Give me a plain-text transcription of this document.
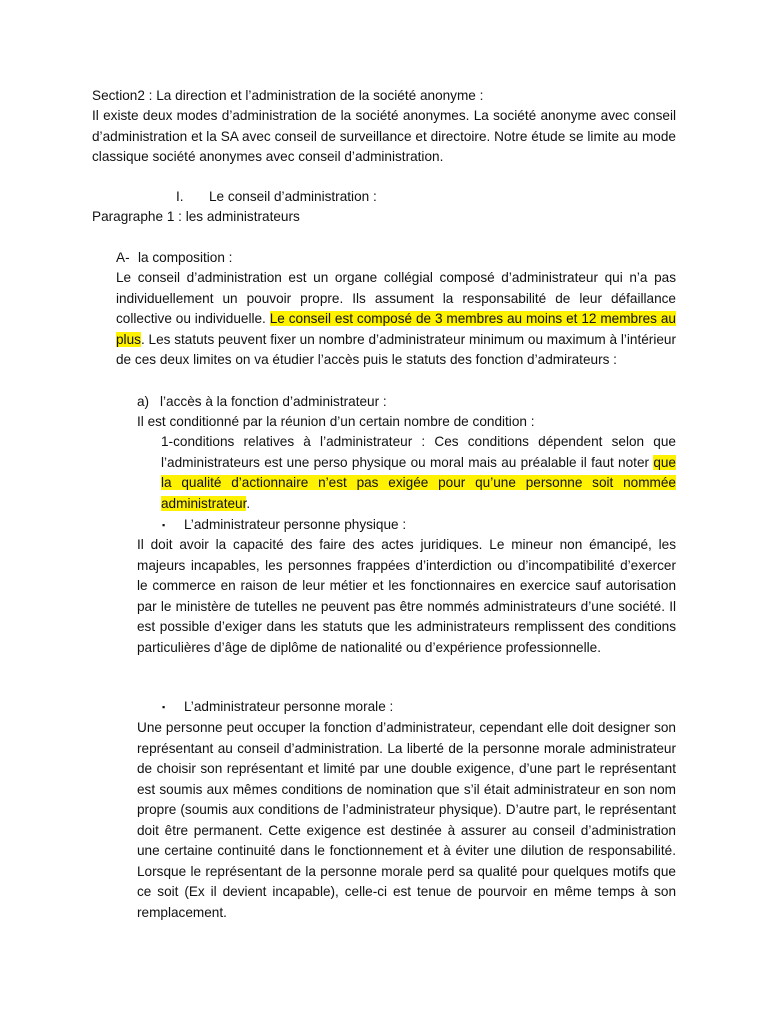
Section2 : La direction et l’administration de la société anonyme :

Il existe deux modes d’administration de la société anonymes. La société anonyme avec conseil d’administration et la SA avec conseil de surveillance et directoire. Notre étude se limite au mode classique société anonymes avec conseil d’administration.

I. Le conseil d’administration :

Paragraphe 1 : les administrateurs

A- la composition :

Le conseil d’administration est un organe collégial composé d’administrateur qui n’a pas individuellement un pouvoir propre. Ils assument la responsabilité de leur défaillance collective ou individuelle. Le conseil est composé de 3 membres au moins et 12 membres au plus. Les statuts peuvent fixer un nombre d’administrateur minimum ou maximum à l’intérieur de ces deux limites on va étudier l’accès puis le statuts des fonction d’admirateurs :

a) l’accès à la fonction d’administrateur :

Il est conditionné par la réunion d’un certain nombre de condition :

1-conditions relatives à l’administrateur : Ces conditions dépendent selon que l’administrateurs est une perso physique ou moral mais au préalable il faut noter que la qualité d’actionnaire n’est pas exigée pour qu’une personne soit nommée administrateur.

▪ L’administrateur personne physique :

Il doit avoir la capacité des faire des actes juridiques. Le mineur non émancipé, les majeurs incapables, les personnes frappées d’interdiction ou d’incompatibilité d’exercer le commerce en raison de leur métier et les fonctionnaires en exercice sauf autorisation par le ministère de tutelles ne peuvent pas être nommés administrateurs d’une société. Il est possible d’exiger dans les statuts que les administrateurs remplissent des conditions particulières d’âge de diplôme de nationalité ou d’expérience professionnelle.

▪ L’administrateur personne morale :

Une personne peut occuper la fonction d’administrateur, cependant elle doit designer son représentant au conseil d’administration. La liberté de la personne morale administrateur de choisir son représentant et limité par une double exigence, d’une part le représentant est soumis aux mêmes conditions de nomination que s’il était administrateur en son nom propre (soumis aux conditions de l’administrateur physique). D’autre part, le représentant doit être permanent. Cette exigence est destinée à assurer au conseil d’administration une certaine continuité dans le fonctionnement et à éviter une dilution de responsabilité. Lorsque le représentant de la personne morale perd sa qualité pour quelques motifs que ce soit (Ex il devient incapable), celle-ci est tenue de pourvoir en même temps à son remplacement.
